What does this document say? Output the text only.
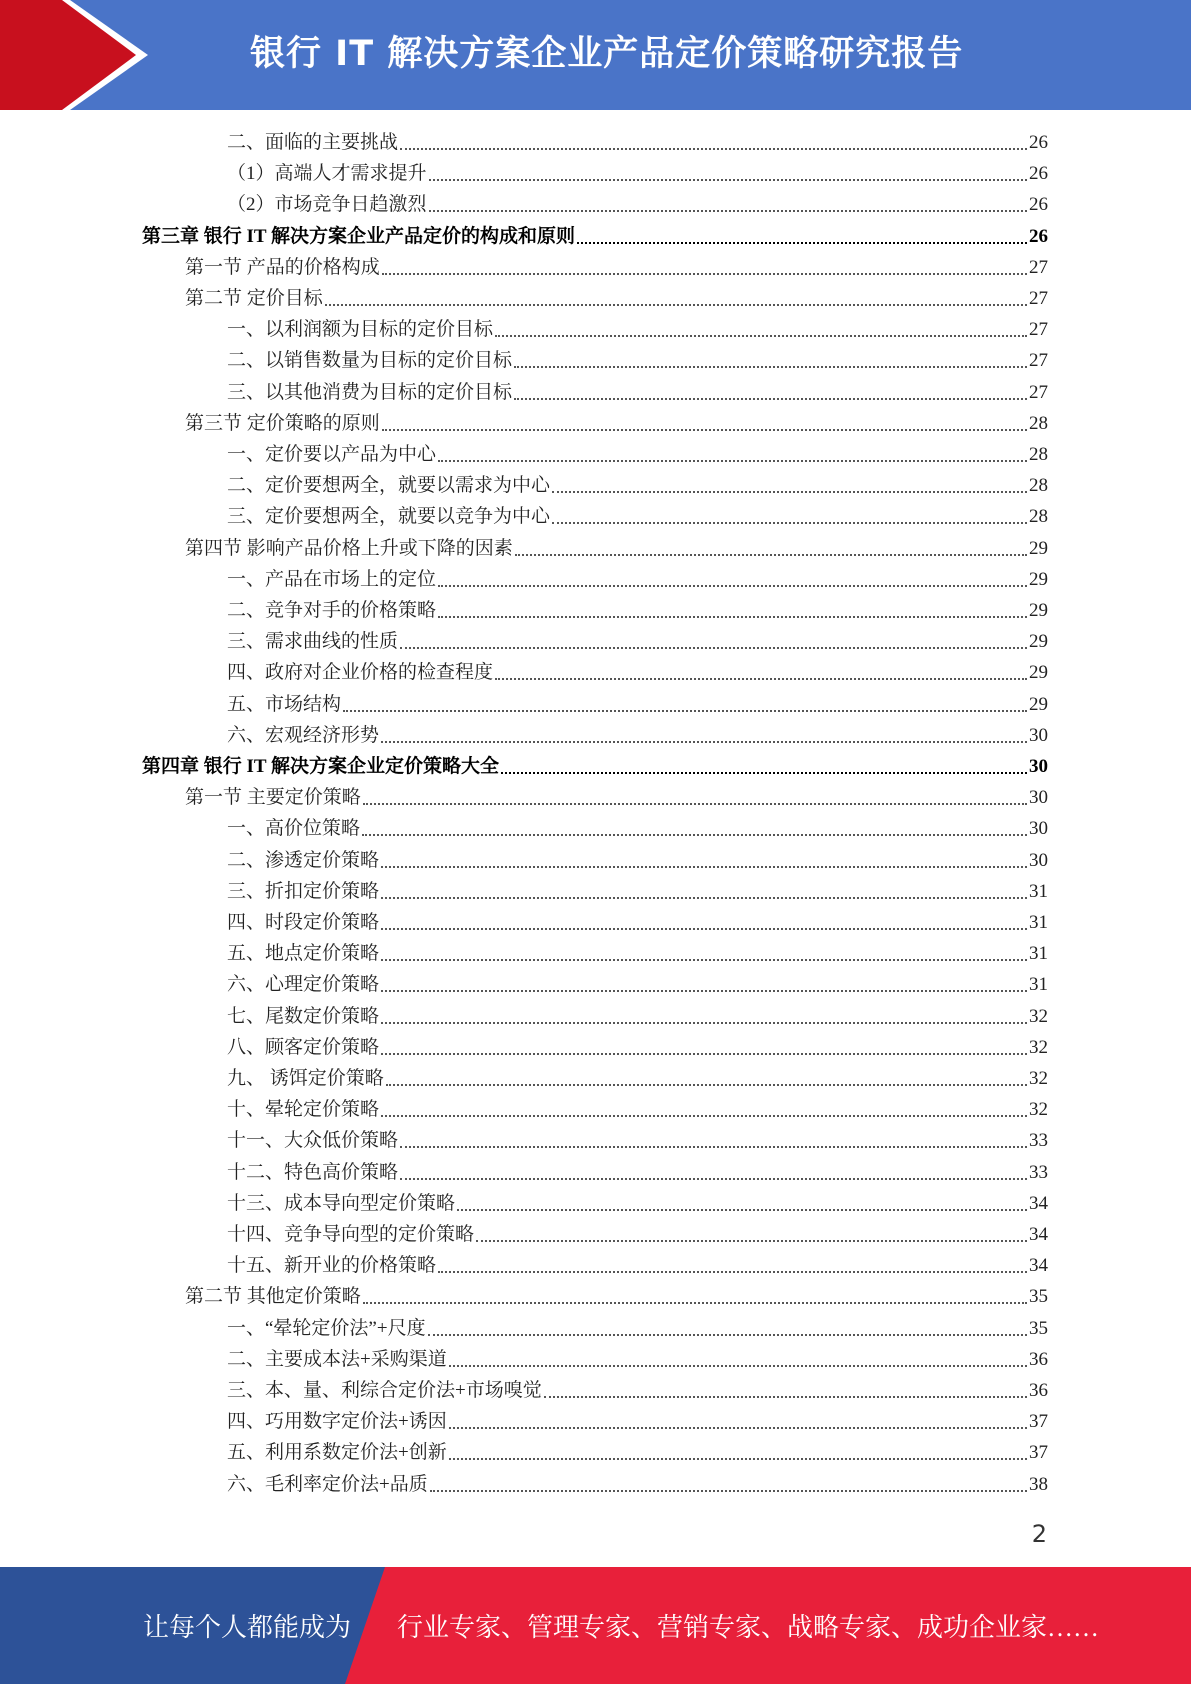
银行 IT 解决方案企业产品定价策略研究报告
二、面临的主要挑战	26
（1）高端人才需求提升	26
（2）市场竞争日趋激烈	26
第三章 银行 IT 解决方案企业产品定价的构成和原则	26
第一节 产品的价格构成	27
第二节 定价目标	27
一、以利润额为目标的定价目标	27
二、以销售数量为目标的定价目标	27
三、以其他消费为目标的定价目标	27
第三节 定价策略的原则	28
一、定价要以产品为中心	28
二、定价要想两全，就要以需求为中心	28
三、定价要想两全，就要以竞争为中心	28
第四节 影响产品价格上升或下降的因素	29
一、产品在市场上的定位	29
二、竞争对手的价格策略	29
三、需求曲线的性质	29
四、政府对企业价格的检查程度	29
五、市场结构	29
六、宏观经济形势	30
第四章 银行 IT 解决方案企业定价策略大全	30
第一节 主要定价策略	30
一、高价位策略	30
二、渗透定价策略	30
三、折扣定价策略	31
四、时段定价策略	31
五、地点定价策略	31
六、心理定价策略	31
七、尾数定价策略	32
八、顾客定价策略	32
九、 诱饵定价策略	32
十、晕轮定价策略	32
十一、大众低价策略	33
十二、特色高价策略	33
十三、成本导向型定价策略	34
十四、竞争导向型的定价策略	34
十五、新开业的价格策略	34
第二节 其他定价策略	35
一、“晕轮定价法”+尺度	35
二、主要成本法+采购渠道	36
三、本、量、利综合定价法+市场嗅觉	36
四、巧用数字定价法+诱因	37
五、利用系数定价法+创新	37
六、毛利率定价法+品质	38
2
让每个人都能成为 行业专家、管理专家、营销专家、战略专家、成功企业家……
